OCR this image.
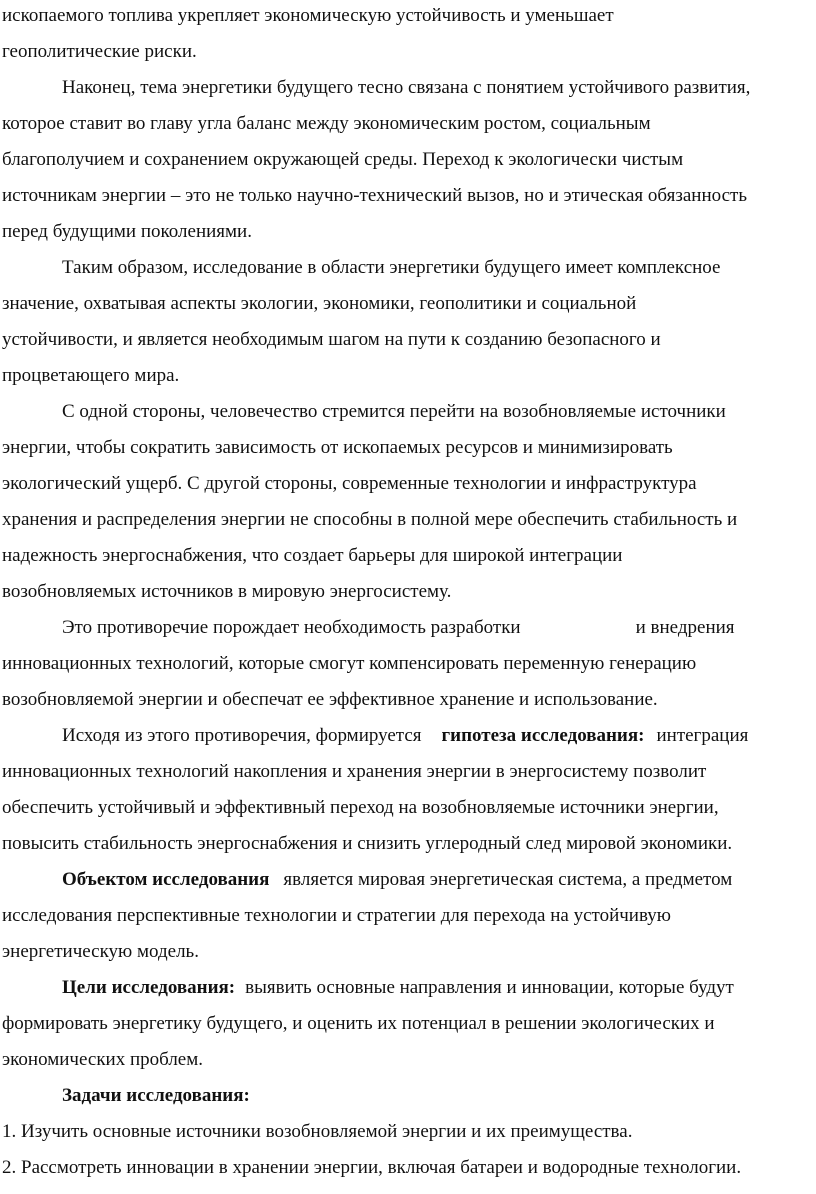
ископаемого топлива укрепляет экономическую устойчивость и уменьшает
геополитические риски.
Наконец, тема энергетики будущего тесно связана с понятием устойчивого развития,
которое ставит во главу угла баланс между экономическим ростом, социальным
благополучием и сохранением окружающей среды. Переход к экологически чистым
источникам энергии – это не только научно-технический вызов, но и этическая обязанность
перед будущими поколениями.
Таким образом, исследование в области энергетики будущего имеет комплексное
значение, охватывая аспекты экологии, экономики, геополитики и социальной
устойчивости, и является необходимым шагом на пути к созданию безопасного и
процветающего мира.
С одной стороны, человечество стремится перейти на возобновляемые источники
энергии, чтобы сократить зависимость от ископаемых ресурсов и минимизировать
экологический ущерб. С другой стороны, современные технологии и инфраструктура
хранения и распределения энергии не способны в полной мере обеспечить стабильность и
надежность энергоснабжения, что создает барьеры для широкой интеграции
возобновляемых источников в мировую энергосистему.
Это противоречие порождает необходимость разработки	и внедрения
инновационных технологий, которые смогут компенсировать переменную генерацию
возобновляемой энергии и обеспечат ее эффективное хранение и использование.
Исходя из этого противоречия, формируется гипотеза исследования: интеграция
инновационных технологий накопления и хранения энергии в энергосистему позволит
обеспечить устойчивый и эффективный переход на возобновляемые источники энергии,
повысить стабильность энергоснабжения и снизить углеродный след мировой экономики.
Объектом исследования является мировая энергетическая система, а предметом
исследования перспективные технологии и стратегии для перехода на устойчивую
энергетическую модель.
Цели исследования: выявить основные направления и инновации, которые будут
формировать энергетику будущего, и оценить их потенциал в решении экологических и
экономических проблем.
Задачи исследования:
1. Изучить основные источники возобновляемой энергии и их преимущества.
2. Рассмотреть инновации в хранении энергии, включая батареи и водородные технологии.
